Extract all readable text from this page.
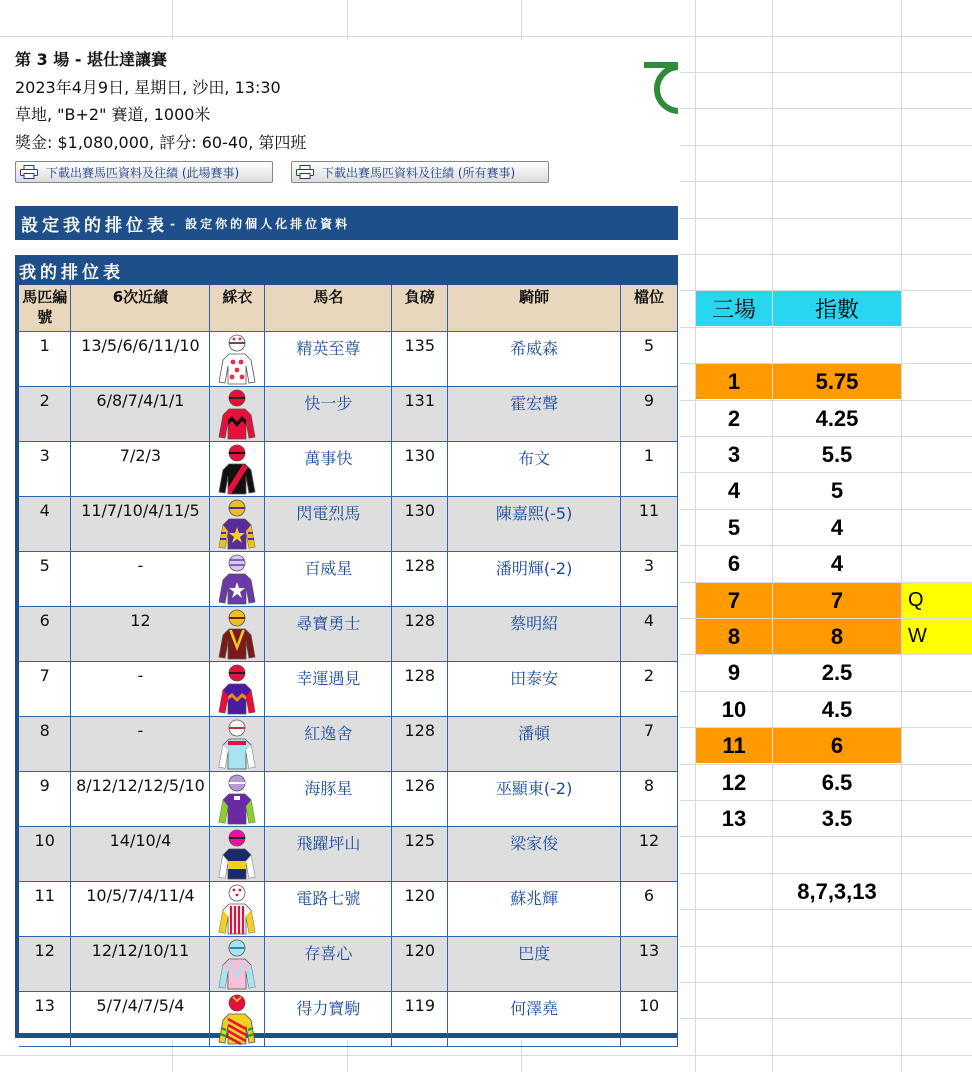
第 3 場 - 堪仕達讓賽
2023年4月9日, 星期日, 沙田, 13:30
草地, "B+2" 賽道, 1000米
獎金: $1,080,000, 評分: 60-40, 第四班
下載出賽馬匹資料及往績 (此場賽事)	下載出賽馬匹資料及往績 (所有賽事)
設定我的排位表 - 設定你的個人化排位資料
我的排位表
馬匹編號	6次近績	綵衣	馬名	負磅	騎師	檔位
1	13/5/6/6/11/10		精英至尊	135	希威森	5
2	6/8/7/4/1/1		快一步	131	霍宏聲	9
3	7/2/3		萬事快	130	布文	1
4	11/7/10/4/11/5		閃電烈馬	130	陳嘉熙(-5)	11
5	-		百威星	128	潘明輝(-2)	3
6	12		尋寶勇士	128	蔡明紹	4
7	-		幸運遇見	128	田泰安	2
8	-		紅逸舍	128	潘頓	7
9	8/12/12/12/5/10		海豚星	126	巫顯東(-2)	8
10	14/10/4		飛躍坪山	125	梁家俊	12
11	10/5/7/4/11/4		電路七號	120	蘇兆輝	6
12	12/12/10/11		存喜心	120	巴度	13
13	5/7/4/7/5/4		得力寶駒	119	何澤堯	10
三場	指數
1	5.75
2	4.25
3	5.5
4	5
5	4
6	4
7	7	Q
8	8	W
9	2.5
10	4.5
11	6
12	6.5
13	3.5
8,7,3,13
